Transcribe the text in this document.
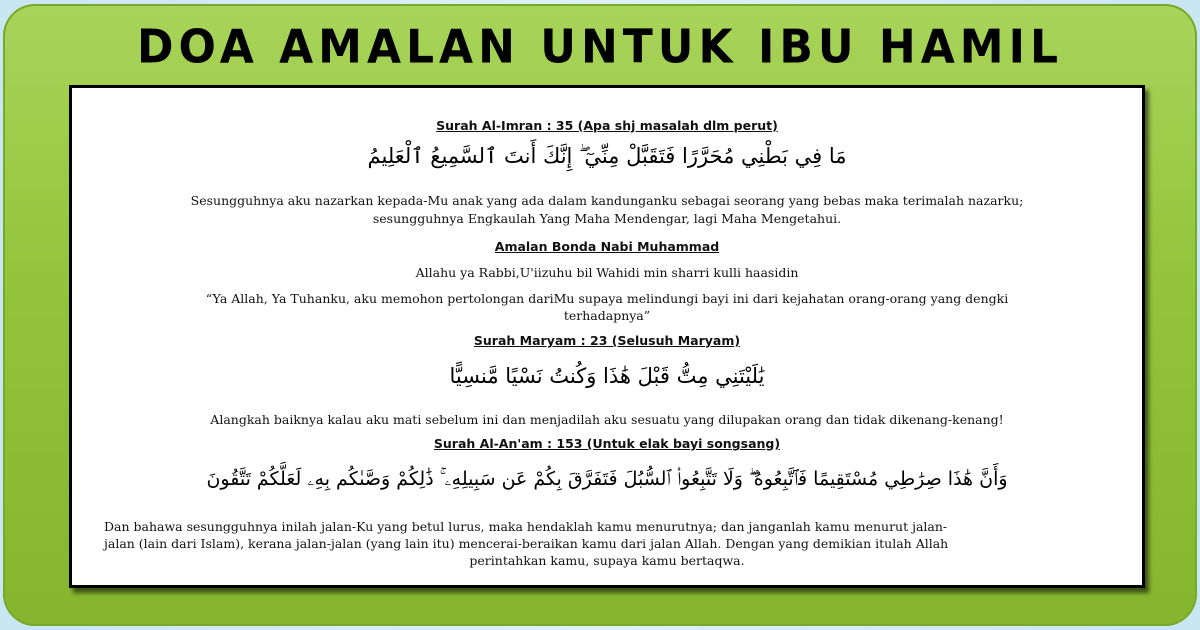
DOA AMALAN UNTUK IBU HAMIL
Surah Al-Imran : 35 (Apa shj masalah dlm perut)
مَا فِي بَطْنِي مُحَرَّرًا فَتَقَبَّلْ مِنِّيٓ ۖ إِنَّكَ أَنتَ ٱلسَّمِيعُ ٱلْعَلِيمُ
Sesungguhnya aku nazarkan kepada-Mu anak yang ada dalam kandunganku sebagai seorang yang bebas maka terimalah nazarku;
sesungguhnya Engkaulah Yang Maha Mendengar, lagi Maha Mengetahui.
Amalan Bonda Nabi Muhammad
Allahu ya Rabbi,U'iizuhu bil Wahidi min sharri kulli haasidin
“Ya Allah, Ya Tuhanku, aku memohon pertolongan dariMu supaya melindungi bayi ini dari kejahatan orang-orang yang dengki
terhadapnya”
Surah Maryam : 23 (Selusuh Maryam)
يَٰلَيْتَنِي مِتُّ قَبْلَ هَٰذَا وَكُنتُ نَسْيًا مَّنسِيًّا
Alangkah baiknya kalau aku mati sebelum ini dan menjadilah aku sesuatu yang dilupakan orang dan tidak dikenang-kenang!
Surah Al-An'am : 153 (Untuk elak bayi songsang)
وَأَنَّ هَٰذَا صِرَٰطِي مُسْتَقِيمًا فَٱتَّبِعُوهُ ۖ وَلَا تَتَّبِعُوا۟ ٱلسُّبُلَ فَتَفَرَّقَ بِكُمْ عَن سَبِيلِهِۦ ۚ ذَٰلِكُمْ وَصَّىٰكُم بِهِۦ لَعَلَّكُمْ تَتَّقُونَ
Dan bahawa sesungguhnya inilah jalan-Ku yang betul lurus, maka hendaklah kamu menurutnya; dan janganlah kamu menurut jalan-
jalan (lain dari Islam), kerana jalan-jalan (yang lain itu) mencerai-beraikan kamu dari jalan Allah. Dengan yang demikian itulah Allah
perintahkan kamu, supaya kamu bertaqwa.
